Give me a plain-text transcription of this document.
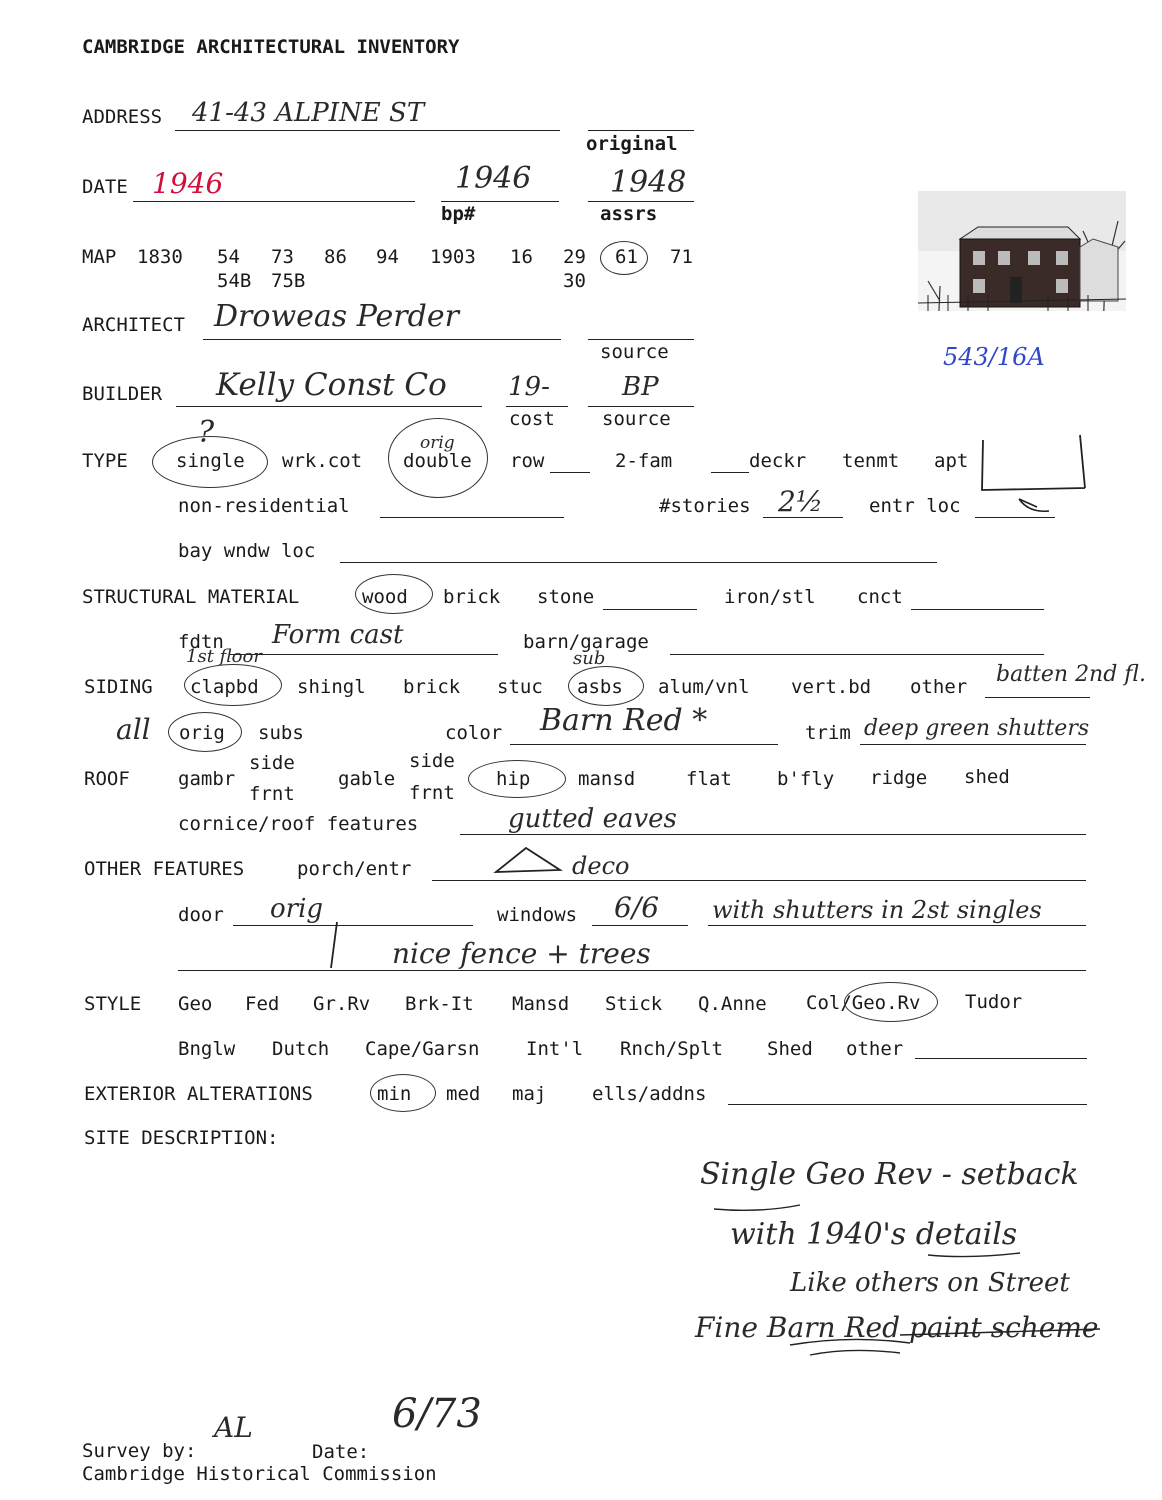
CAMBRIDGE ARCHITECTURAL INVENTORY
ADDRESS 41-43 ALPINE ST
original
DATE 1946	1946
bp#
1948
assrs
543/16A
MAP 1830 54 73 86 94 1903 16 29 61 71
54B 75B	30
ARCHITECT Droweas Perder
source
BUILDER Kelly Const Co 19-
cost
BP
source
TYPE	single
?
wrk.cot double
orig
row	2-fam	deckr tenmt apt
non-residential	#stories 2½ entr loc
bay wndw loc
STRUCTURAL MATERIAL	wood brick stone	iron/stl cnct
fdtn Form cast	barn/garage
1st floor	sub
SIDING clapbd shingl brick stuc asbs alum/vnl vert.bd other batten 2nd fl.
all orig subs	color Barn Red *	trim deep green shutters
ROOF	gambr
side
frnt
gable
side
frnt
hip	mansd	flat b'fly ridge shed
cornice/roof features	gutted eaves
OTHER FEATURES	porch/entr	deco
door orig	windows 6/6 with shutters in 2st singles
nice fence + trees
STYLE Geo Fed Gr.Rv Brk-It Mansd Stick Q.Anne Col/Geo.Rv Tudor
Bnglw Dutch Cape/Garsn Int'l Rnch/Splt Shed other
EXTERIOR ALTERATIONS	min med maj ells/addns
SITE DESCRIPTION:
Single Geo Rev - setback
with 1940's details
Like others on Street
Fine Barn Red paint scheme
Survey by:
AL
Date:
6/73
Cambridge Historical Commission
